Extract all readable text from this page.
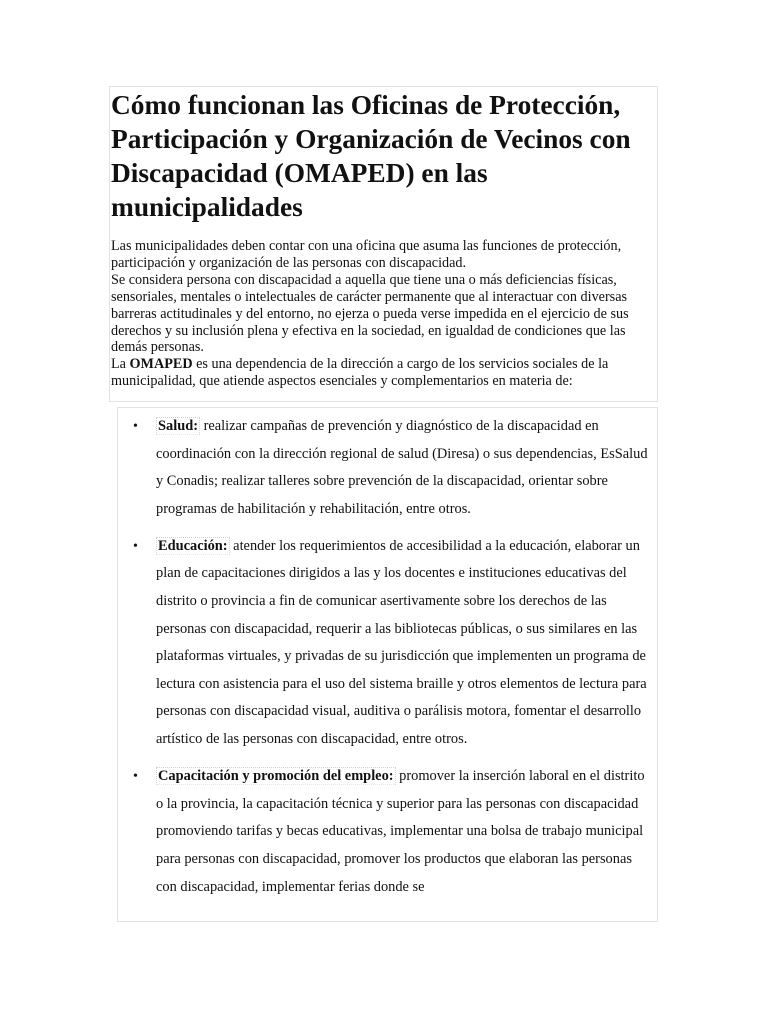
Cómo funcionan las Oficinas de Protección, Participación y Organización de Vecinos con Discapacidad (OMAPED) en las municipalidades

Las municipalidades deben contar con una oficina que asuma las funciones de protección, participación y organización de las personas con discapacidad.

Se considera persona con discapacidad a aquella que tiene una o más deficiencias físicas, sensoriales, mentales o intelectuales de carácter permanente que al interactuar con diversas barreras actitudinales y del entorno, no ejerza o pueda verse impedida en el ejercicio de sus derechos y su inclusión plena y efectiva en la sociedad, en igualdad de condiciones que las demás personas.

La OMAPED es una dependencia de la dirección a cargo de los servicios sociales de la municipalidad, que atiende aspectos esenciales y complementarios en materia de:

• Salud: realizar campañas de prevención y diagnóstico de la discapacidad en coordinación con la dirección regional de salud (Diresa) o sus dependencias, EsSalud y Conadis; realizar talleres sobre prevención de la discapacidad, orientar sobre programas de habilitación y rehabilitación, entre otros.
• Educación: atender los requerimientos de accesibilidad a la educación, elaborar un plan de capacitaciones dirigidos a las y los docentes e instituciones educativas del distrito o provincia a fin de comunicar asertivamente sobre los derechos de las personas con discapacidad, requerir a las bibliotecas públicas, o sus similares en las plataformas virtuales, y privadas de su jurisdicción que implementen un programa de lectura con asistencia para el uso del sistema braille y otros elementos de lectura para personas con discapacidad visual, auditiva o parálisis motora, fomentar el desarrollo artístico de las personas con discapacidad, entre otros.
• Capacitación y promoción del empleo: promover la inserción laboral en el distrito o la provincia, la capacitación técnica y superior para las personas con discapacidad promoviendo tarifas y becas educativas, implementar una bolsa de trabajo municipal para personas con discapacidad, promover los productos que elaboran las personas con discapacidad, implementar ferias donde se
